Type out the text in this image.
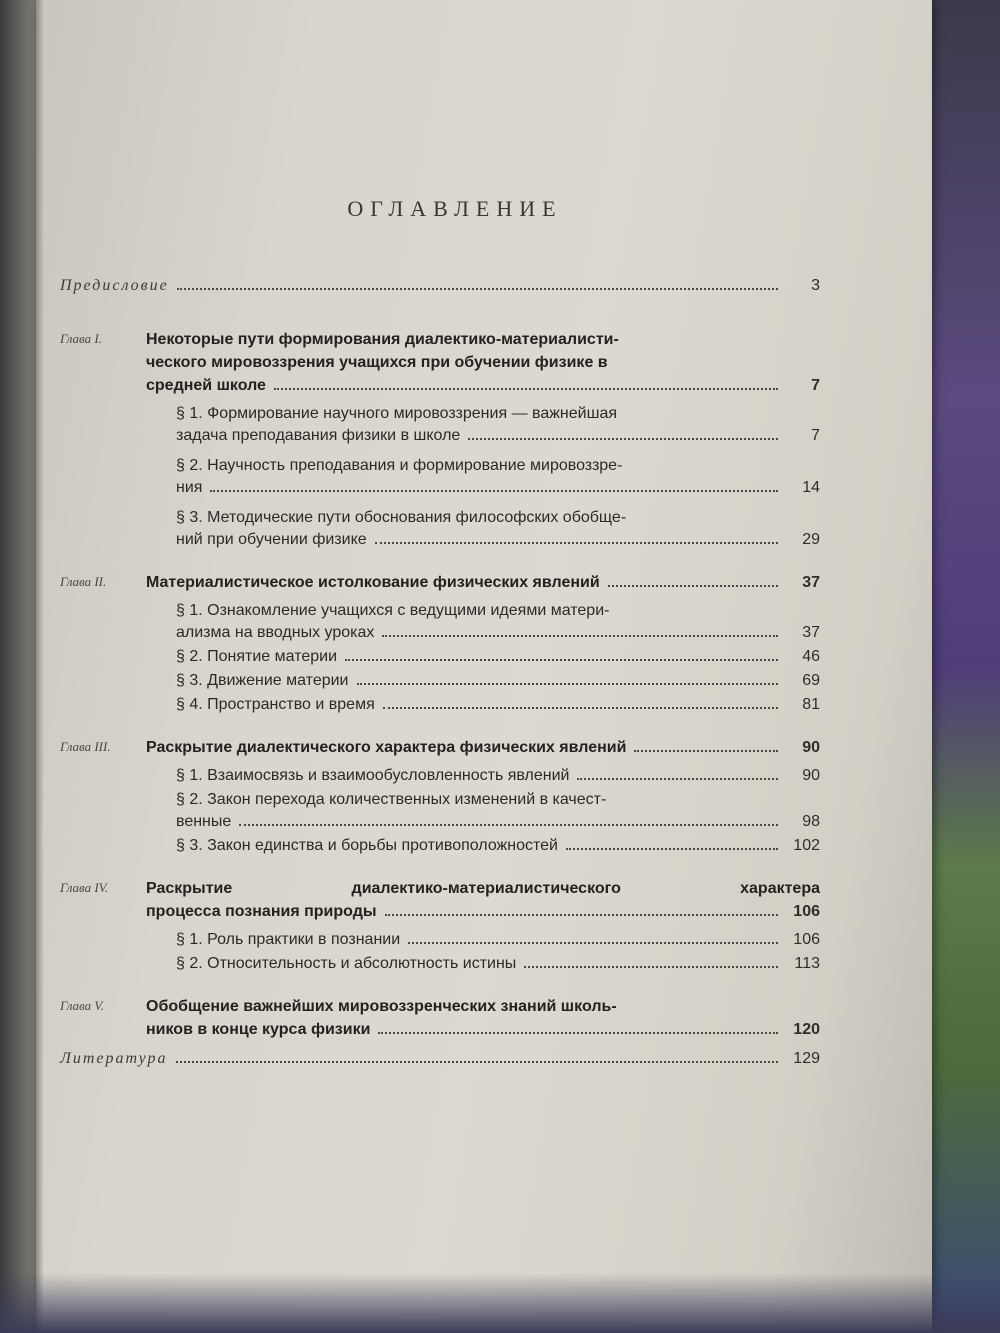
ОГЛАВЛЕНИЕ
Предисловие	3
Глава I.	Некоторые пути формирования диалектико-материалисти-
ческого мировоззрения учащихся при обучении физике в
средней школе	7
§ 1. Формирование научного мировоззрения — важнейшая
задача преподавания физики в школе	7
§ 2. Научность преподавания и формирование мировоззре-
ния	14
§ 3. Методические пути обоснования философских обобще-
ний при обучении физике	29
Глава II.	Материалистическое истолкование физических явлений	37
§ 1. Ознакомление учащихся с ведущими идеями матери-
ализма на вводных уроках	37
§ 2. Понятие материи	46
§ 3. Движение материи	69
§ 4. Пространство и время	81
Глава III.	Раскрытие диалектического характера физических явлений	90
§ 1. Взаимосвязь и взаимообусловленность явлений	90
§ 2. Закон перехода количественных изменений в качест-
венные	98
§ 3. Закон единства и борьбы противоположностей	102
Глава IV.	Раскрытие диалектико-материалистического характера
процесса познания природы	106
§ 1. Роль практики в познании	106
§ 2. Относительность и абсолютность истины	113
Глава V.	Обобщение важнейших мировоззренческих знаний школь-
ников в конце курса физики	120
Литература	129
